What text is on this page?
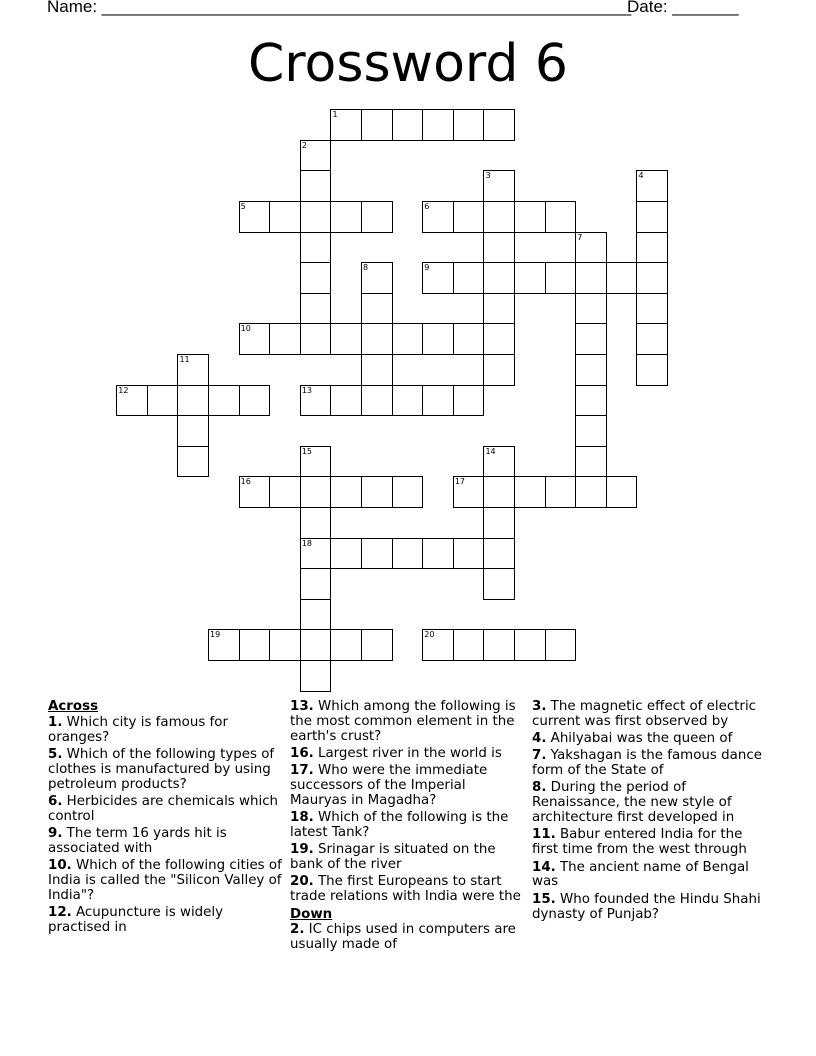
Name: ________________________________________________________
Date: _______
Crossword 6
1
5	6
9
10
12	13
16	17
18
19	20
2
3	4
7
8
11
14
15
Across
1. Which city is famous for oranges?
5. Which of the following types of clothes is manufactured by using petroleum products?
6. Herbicides are chemicals which control
9. The term 16 yards hit is associated with
10. Which of the following cities of India is called the "Silicon Valley of India"?
12. Acupuncture is widely practised in
13. Which among the following is the most common element in the earth's crust?
16. Largest river in the world is
17. Who were the immediate successors of the Imperial Mauryas in Magadha?
18. Which of the following is the latest Tank?
19. Srinagar is situated on the bank of the river
20. The first Europeans to start trade relations with India were the
Down
2. IC chips used in computers are usually made of
3. The magnetic effect of electric current was first observed by
4. Ahilyabai was the queen of
7. Yakshagan is the famous dance form of the State of
8. During the period of Renaissance, the new style of architecture first developed in
11. Babur entered India for the first time from the west through
14. The ancient name of Bengal was
15. Who founded the Hindu Shahi dynasty of Punjab?
